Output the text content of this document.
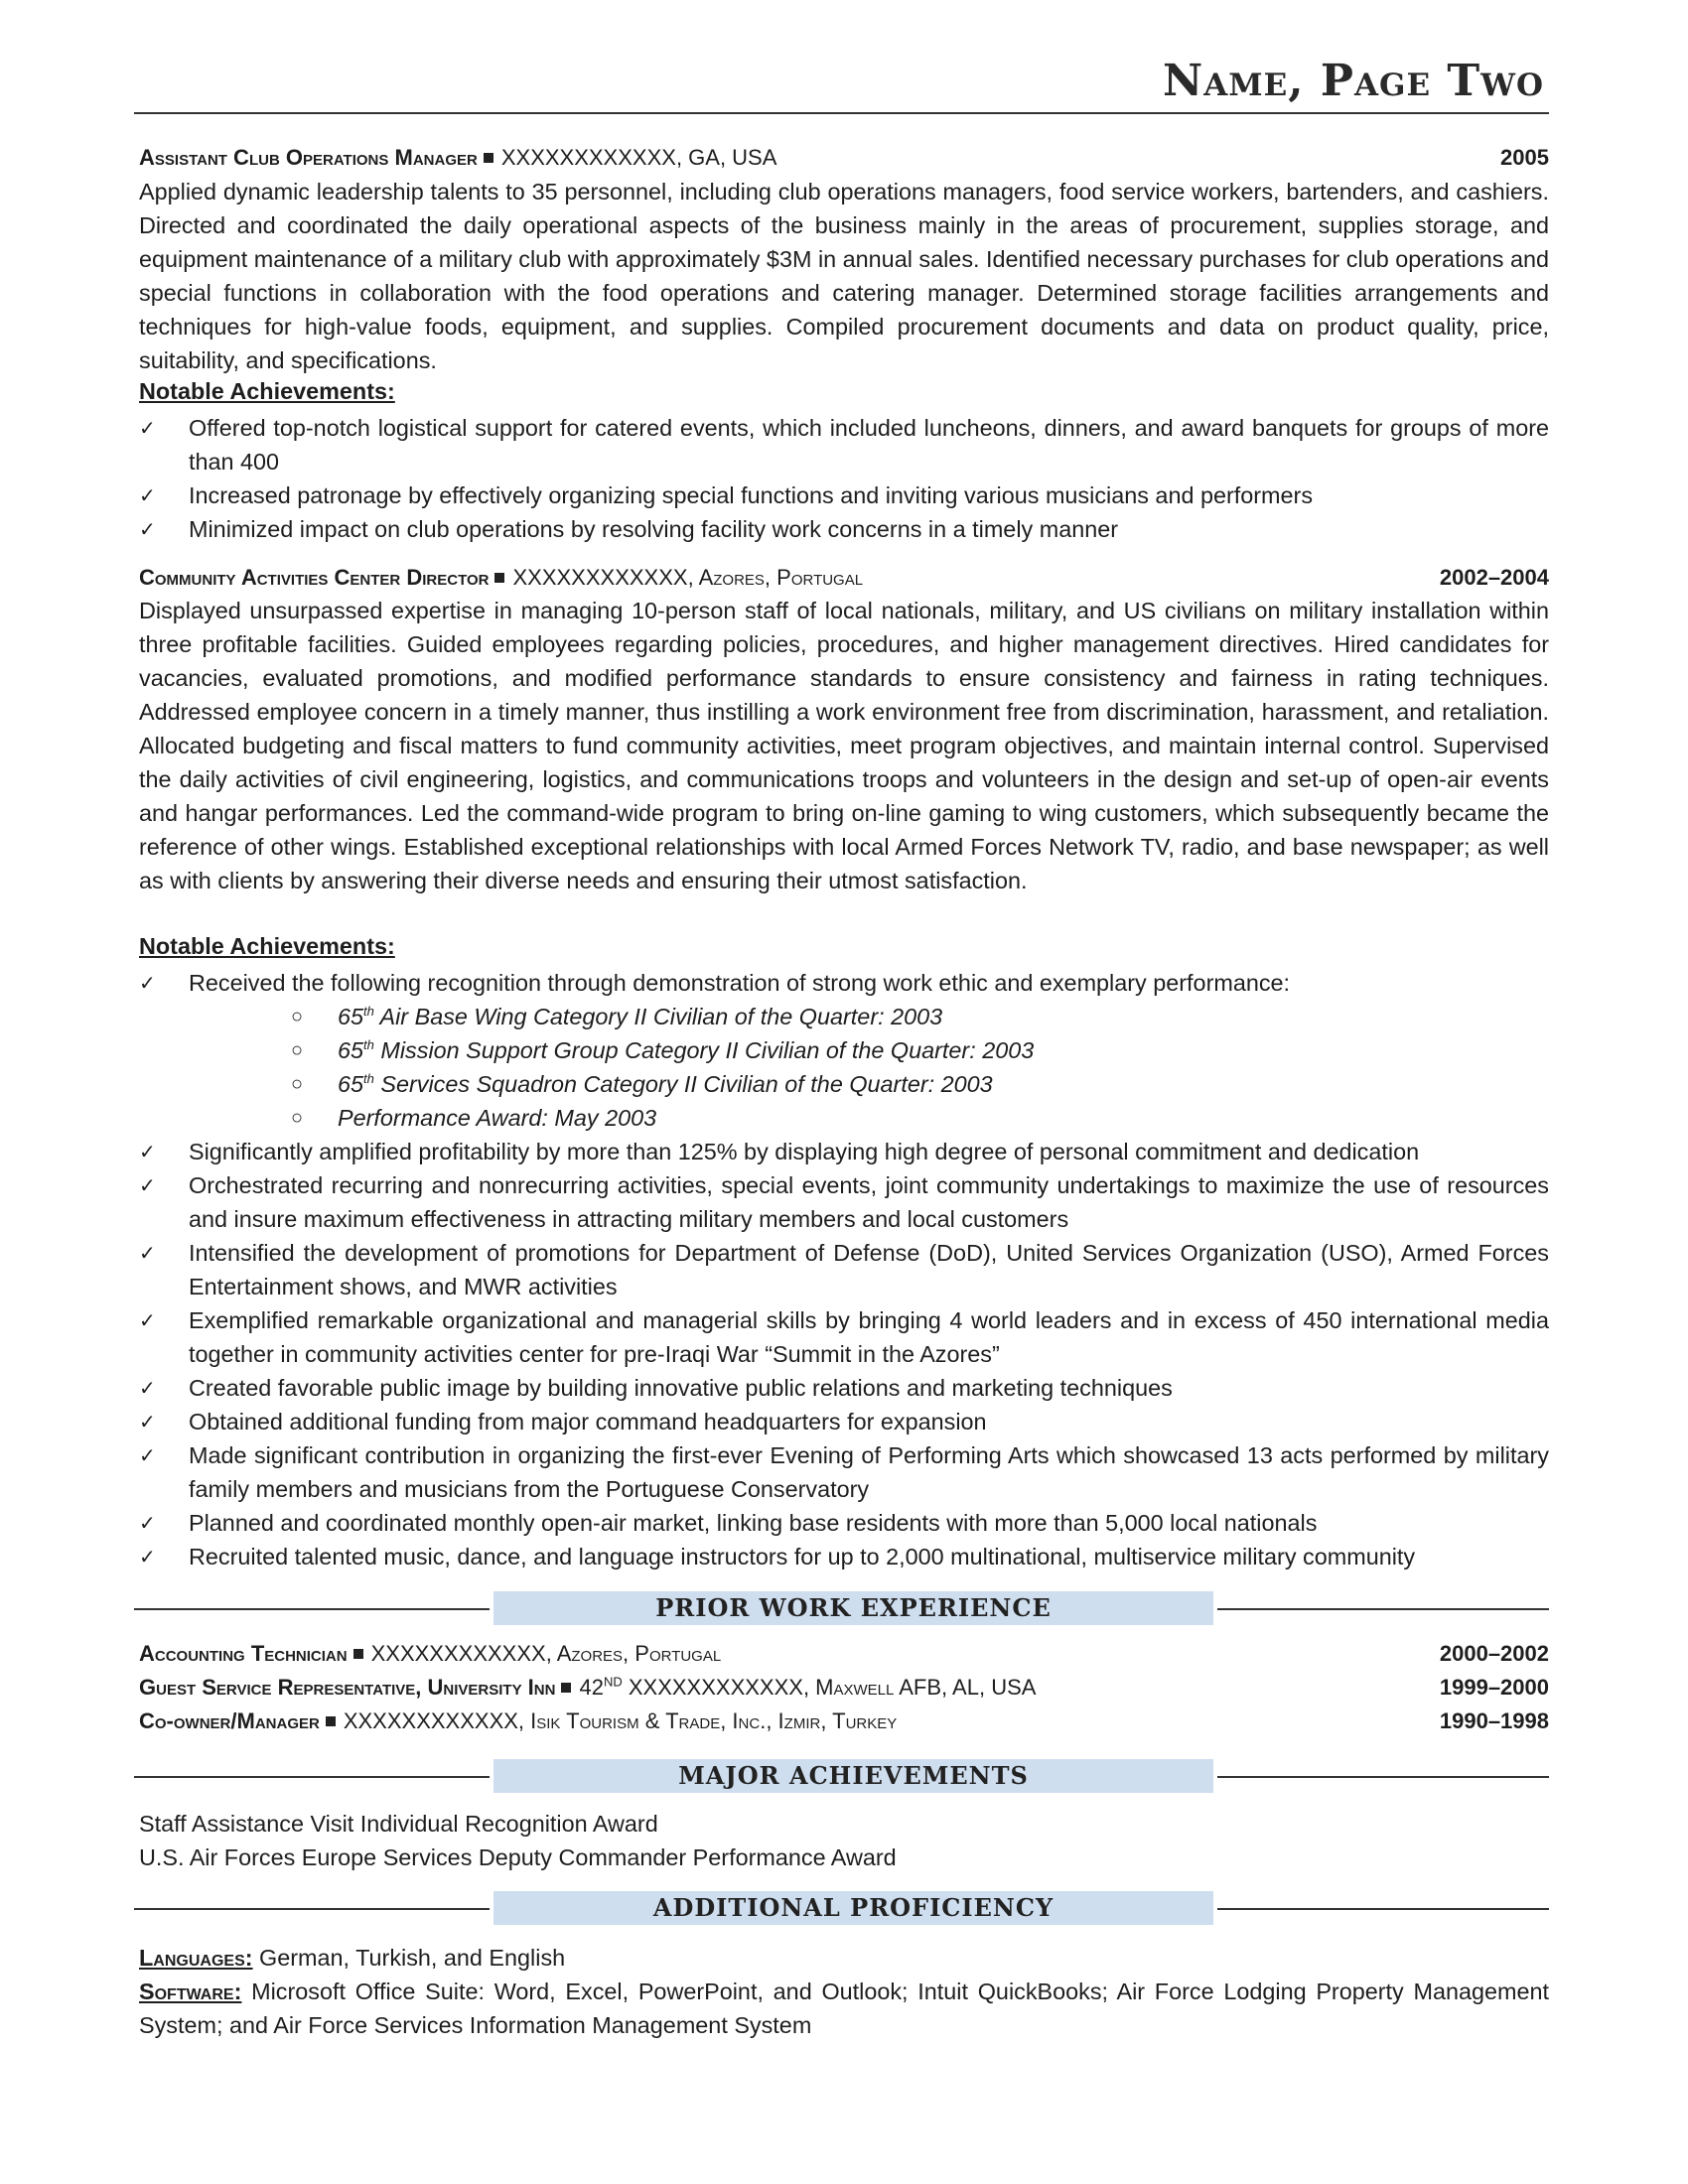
Name, Page Two
Assistant Club Operations Manager XXXXXXXXXXXX, GA, USA	2005
Applied dynamic leadership talents to 35 personnel, including club operations managers, food service workers, bartenders, and cashiers. Directed and coordinated the daily operational aspects of the business mainly in the areas of procurement, supplies storage, and equipment maintenance of a military club with approximately $3M in annual sales. Identified necessary purchases for club operations and special functions in collaboration with the food operations and catering manager. Determined storage facilities arrangements and techniques for high-value foods, equipment, and supplies. Compiled procurement documents and data on product quality, price, suitability, and specifications.
Notable Achievements:
✓ Offered top-notch logistical support for catered events, which included luncheons, dinners, and award banquets for groups of more than 400
✓ Increased patronage by effectively organizing special functions and inviting various musicians and performers
✓ Minimized impact on club operations by resolving facility work concerns in a timely manner
Community Activities Center Director XXXXXXXXXXXX, Azores, Portugal	2002–2004
Displayed unsurpassed expertise in managing 10-person staff of local nationals, military, and US civilians on military installation within three profitable facilities. Guided employees regarding policies, procedures, and higher management directives. Hired candidates for vacancies, evaluated promotions, and modified performance standards to ensure consistency and fairness in rating techniques. Addressed employee concern in a timely manner, thus instilling a work environment free from discrimination, harassment, and retaliation. Allocated budgeting and fiscal matters to fund community activities, meet program objectives, and maintain internal control. Supervised the daily activities of civil engineering, logistics, and communications troops and volunteers in the design and set-up of open-air events and hangar performances. Led the command-wide program to bring on-line gaming to wing customers, which subsequently became the reference of other wings. Established exceptional relationships with local Armed Forces Network TV, radio, and base newspaper; as well as with clients by answering their diverse needs and ensuring their utmost satisfaction.
Notable Achievements:
✓ Received the following recognition through demonstration of strong work ethic and exemplary performance:
○ 65th Air Base Wing Category II Civilian of the Quarter: 2003
○ 65th Mission Support Group Category II Civilian of the Quarter: 2003
○ 65th Services Squadron Category II Civilian of the Quarter: 2003
○ Performance Award: May 2003
✓ Significantly amplified profitability by more than 125% by displaying high degree of personal commitment and dedication
✓ Orchestrated recurring and nonrecurring activities, special events, joint community undertakings to maximize the use of resources and insure maximum effectiveness in attracting military members and local customers
✓ Intensified the development of promotions for Department of Defense (DoD), United Services Organization (USO), Armed Forces Entertainment shows, and MWR activities
✓ Exemplified remarkable organizational and managerial skills by bringing 4 world leaders and in excess of 450 international media together in community activities center for pre-Iraqi War “Summit in the Azores”
✓ Created favorable public image by building innovative public relations and marketing techniques
✓ Obtained additional funding from major command headquarters for expansion
✓ Made significant contribution in organizing the first-ever Evening of Performing Arts which showcased 13 acts performed by military family members and musicians from the Portuguese Conservatory
✓ Planned and coordinated monthly open-air market, linking base residents with more than 5,000 local nationals
✓ Recruited talented music, dance, and language instructors for up to 2,000 multinational, multiservice military community
PRIOR WORK EXPERIENCE
Accounting Technician XXXXXXXXXXXX, Azores, Portugal	2000–2002
Guest Service Representative, University Inn 42ND XXXXXXXXXXXX, Maxwell AFB, AL, USA	1999–2000
Co-owner/Manager XXXXXXXXXXXX, Isik Tourism & Trade, Inc., Izmir, Turkey	1990–1998
MAJOR ACHIEVEMENTS
Staff Assistance Visit Individual Recognition Award
U.S. Air Forces Europe Services Deputy Commander Performance Award
ADDITIONAL PROFICIENCY
Languages: German, Turkish, and English
Software: Microsoft Office Suite: Word, Excel, PowerPoint, and Outlook; Intuit QuickBooks; Air Force Lodging Property Management System; and Air Force Services Information Management System
